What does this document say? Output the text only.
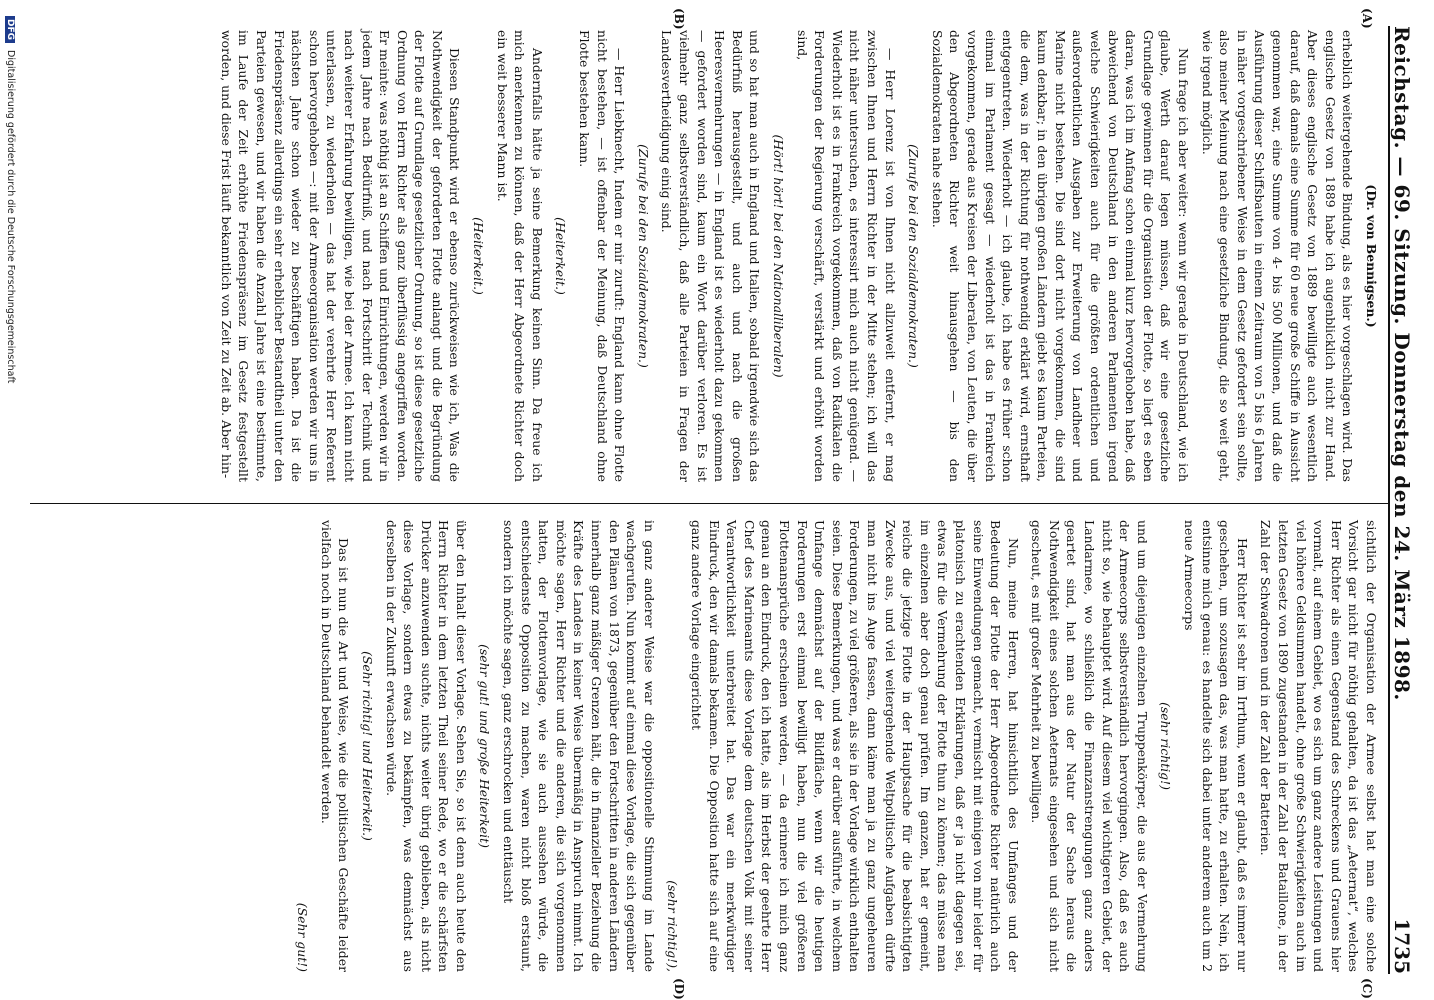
Reichstag. — 69. Sitzung. Donnerstag den 24. März 1898.
1735
(A)
(B)
(C)
(D)
(Dr. von Bennigsen.)

erheblich weitergehende Bindung, als es hier vorgeschlagen wird. Das englische Gesetz von 1889 habe ich augenblicklich nicht zur Hand. Aber dieses englische Gesetz von 1889 bewilligte auch wesentlich darauf, daß damals eine Summe für 60 neue große Schiffe in Aussicht genommen war, eine Summe von 4- bis 500 Millionen, und daß die Ausführung dieser Schiffsbauten in einem Zeitraum von 5 bis 6 Jahren in näher vorgeschriebener Weise in dem Gesetz gefordert sein sollte, also meiner Meinung nach eine gesetzliche Bindung, die so weit geht, wie irgend möglich.

Nun frage ich aber weiter: wenn wir gerade in Deutschland, wie ich glaube, Werth darauf legen müssen, daß wir eine gesetzliche Grundlage gewinnen für die Organisation der Flotte, so liegt es eben daran, was ich im Anfang schon einmal kurz hervorgehoben habe, daß abweichend von Deutschland in den anderen Parlamenten irgend welche Schwierigkeiten auch für die größten ordentlichen und außerordentlichen Ausgaben zur Erweiterung von Landheer und Marine nicht bestehen. Die sind dort nicht vorgekommen, die sind kaum denkbar; in den übrigen großen Ländern giebt es kaum Parteien, die dem, was in der Richtung für nothwendig erklärt wird, ernsthaft entgegentreten. Wiederholt — ich glaube, ich habe es früher schon einmal im Parlament gesagt — wiederholt ist das in Frankreich vorgekommen, gerade aus Kreisen der Liberalen, von Leuten, die über den Abgeordneten Richter weit hinausgehen — bis den Sozialdemokraten nahe stehen.

(Zurufe bei den Sozialdemokraten.)

— Herr Lorenz ist von Ihnen nicht allzuweit entfernt, er mag zwischen Ihnen und Herrn Richter in der Mitte stehen; ich will das nicht näher untersuchen, es interessirt mich auch nicht genügend. — Wiederholt ist es in Frankreich vorgekommen, daß von Radikalen die Forderungen der Regierung verschärft, verstärkt und erhöht worden sind,

(Hört! hört! bei den Nationalliberalen)

und so hat man auch in England und Italien, sobald irgendwie sich das Bedürfniß herausgestellt, und auch und nach die großen Heeresvermehrungen — in England ist es wiederholt dazu gekommen — gefordert worden sind, kaum ein Wort darüber verloren. Es ist vielmehr ganz selbstverständlich, daß alle Parteien in Fragen der Landesvertheidigung einig sind.

(Zurufe bei den Sozialdemokraten.)

— Herr Liebknecht, Indem er mir zuruft: England kann ohne Flotte nicht bestehen, — ist offenbar der Meinung, daß Deutschland ohne Flotte bestehen kann.

(Heiterkeit.)

Andernfalls hätte ja seine Bemerkung keinen Sinn. Da freue ich mich anerkennen zu können, daß der Herr Abgeordnete Richter doch ein weit besserer Mann ist.

(Heiterkeit.)

Diesen Standpunkt wird er ebenso zurückweisen wie ich, Was die Nothwendigkeit der geforderten Flotte anlangt und die Begründung der Flotte auf Grundlage gesetzlicher Ordnung, so ist diese gesetzliche Ordnung von Herrn Richter als ganz überflüssig angegriffen worden. Er meinte: was nöthig ist an Schiffen und Einrichtungen, werden wir in jedem Jahre nach Bedürfniß, und nach Fortschritt der Technik und nach weiterer Erfahrung bewilligen, wie bei der Armee. Ich kann nicht unterlassen, zu wiederholen — das hat der verehrte Herr Referent schon hervorgehoben —: mit der Armeeorganisation werden wir uns in nächsten Jahre schon wieder zu beschäftigen haben. Da ist die Friedenspräsenz allerdings ein sehr erheblicher Bestandtheil unter den Parteien gewesen, und wir haben die Anzahl Jahre ist eine bestimmte, im Laufe der Zeit erhöhte Friedenspräsenz im Gesetz festgestellt worden, und diese Frist läuft bekanntlich von Zeit zu Zeit ab. Aber hin-

sichtlich der Organisation der Armee selbst hat man eine solche Vorsicht gar nicht für nöthig gehalten, da ist das „Aeternat“, welches Herr Richter als einen Gegenstand des Schreckens und Grauens hier vormalt, auf einem Gebiet, wo es sich um ganz andere Leistungen und viel höhere Geldsummen handelt, ohne große Schwierigkeiten auch im letzten Gesetz von 1890 zugestanden in der Zahl der Bataillone, in der Zahl der Schwadronen und in der Zahl der Batterien.

Herr Richter ist sehr im Irrthum, wenn er glaubt, daß es immer nur geschehen, um sozusagen das, was man hatte, zu erhalten. Nein, ich entsinne mich genau: es handelte sich dabei unter anderem auch um 2 neue Armeecorps

(sehr richtig!)

und um diejenigen einzelnen Truppenkörper, die aus der Vermehrung der Armeecorps selbstverständlich hervorgingen. Also, daß es auch nicht so, wie behauptet wird. Auf diesem viel wichtigeren Gebiet, der Landarmee, wo schließlich die Finanzanstrengungen ganz anders geartet sind, hat man aus der Natur der Sache heraus die Nothwendigkeit eines solchen Aeternats eingesehen und sich nicht gescheut, es mit großer Mehrheit zu bewilligen.

Nun, meine Herren, hat hinsichtlich des Umfanges und der Bedeutung der Flotte der Herr Abgeordnete Richter natürlich auch seine Einwendungen gemacht, vermischt mit einigen von mir leider für platonisch zu erachtenden Erklärungen, daß er ja nicht dagegen sei, etwas für die Vermehrung der Flotte thun zu können; das müsse man im einzelnen aber doch genau prüfen. Im ganzen, hat er gemeint, reiche die jetzige Flotte in der Hauptsache für die beabsichtigten Zwecke aus, und viel weitergehende Weltpolitische Aufgaben dürfte man nicht ins Auge fassen, dann käme man ja zu ganz ungeheuren Forderungen, zu viel größeren, als sie in der Vorlage wirklich enthalten seien. Diese Bemerkungen, und was er darüber ausführte, in welchem Umfange demnächst auf der Bildfläche, wenn wir die heutigen Forderungen erst einmal bewilligt haben, nun die viel größeren Flottenansprüche erscheinen werden, — da erinnere ich mich ganz genau an den Eindruck, den ich hatte, als im Herbst der geehrte Herr Chef des Marineamts diese Vorlage dem deutschen Volk mit seiner Verantwortlichkeit unterbreitet hat. Das war ein merkwürdiger Eindruck, den wir damals bekamen. Die Opposition hatte sich auf eine ganz andere Vorlage eingerichtet

(sehr richtig!),

in ganz anderer Weise war die oppositionelle Stimmung im Lande wachgerufen. Nun kommt auf einmal diese Vorlage, die sich gegenüber den Plänen von 1873, gegenüber den Fortschritten in anderen Ländern innerhalb ganz mäßiger Grenzen hält, die in finanzieller Beziehung die Kräfte des Landes in keiner Weise übermäßig in Anspruch nimmt. Ich möchte sagen, Herr Richter und die anderen, die sich vorgenommen hatten, der Flottenvorlage, wie sie auch aussehen würde, die entschiedenste Opposition zu machen, waren nicht bloß erstaunt, sondern ich möchte sagen, ganz erschrocken und enttäuscht

(sehr gut! und große Heiterkeit)

über den Inhalt dieser Vorlage. Sehen Sie, so ist denn auch heute den Herrn Richter in dem letzten Theil seiner Rede, wo er die schärfsten Drücker anzuwenden suchte, nichts weiter übrig geblieben, als nicht diese Vorlage, sondern etwas zu bekämpfen, was demnächst aus derselben in der Zukunft erwachsen würde.

(Sehr richtig! und Heiterkeit.)

Das ist nun die Art und Weise, wie die politischen Geschäfte leider vielfach noch in Deutschland behandelt werden.

(Sehr gut!)
DFG Digitalisierung gefördert durch die Deutsche Forschungsgemeinschaft
